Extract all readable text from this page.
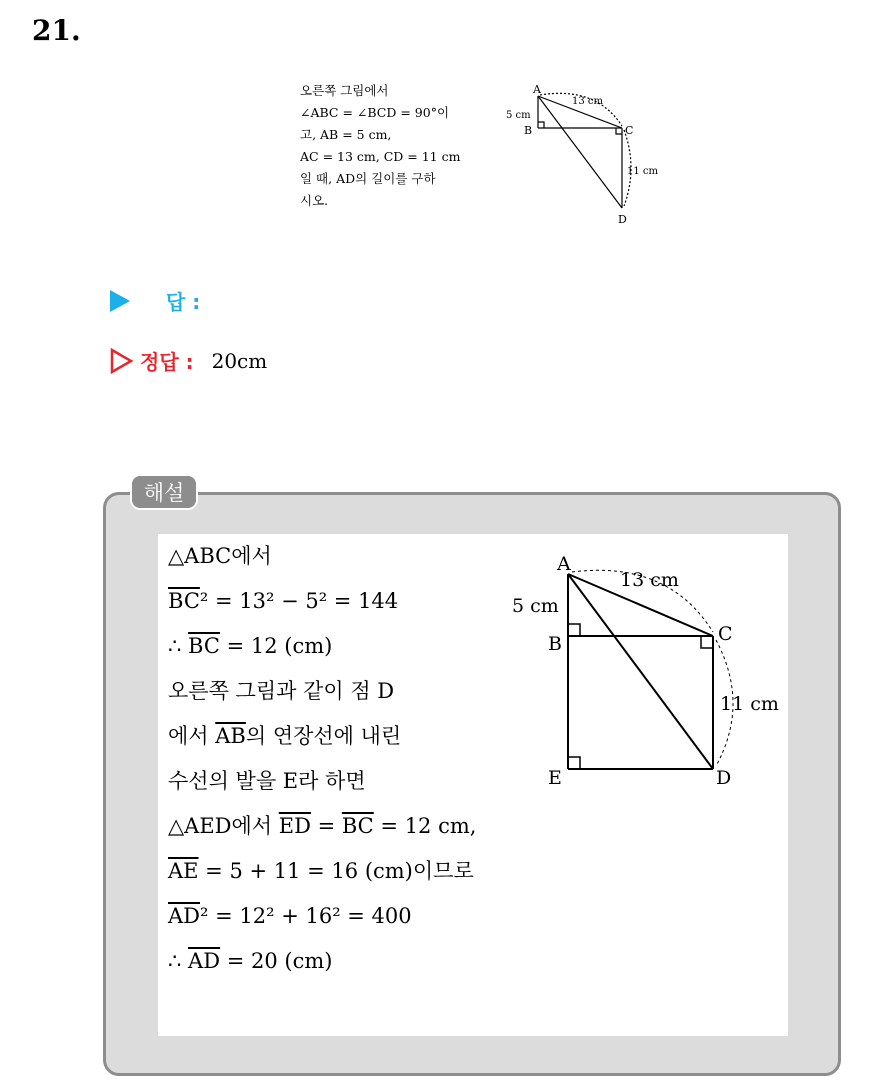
21.
오른쪽 그림에서
∠ABC = ∠BCD = 90°이
고, AB = 5 cm,
AC = 13 cm, CD = 11 cm
일 때, AD의 길이를 구하
시오.
A
B	C
D
5 cm
13 cm
11 cm
답 :
정답 : 20cm
해설
△ABC에서
$\overline{BC}^2 = 13^2 - 5^2 = 144$
∴ $\overline{BC} = 12$ (cm)
오른쪽 그림과 같이 점 D
에서 $\overline{AB}$의 연장선에 내린
수선의 발을 E라 하면
△AED에서 $\overline{ED} = \overline{BC} = 12$ cm,
$\overline{AE} = 5 + 11 = 16$ (cm)이므로
$\overline{AD}^2 = 12^2 + 16^2 = 400$
∴ $\overline{AD} = 20$ (cm)
A
B	C
D
E
5 cm
13 cm
11 cm
